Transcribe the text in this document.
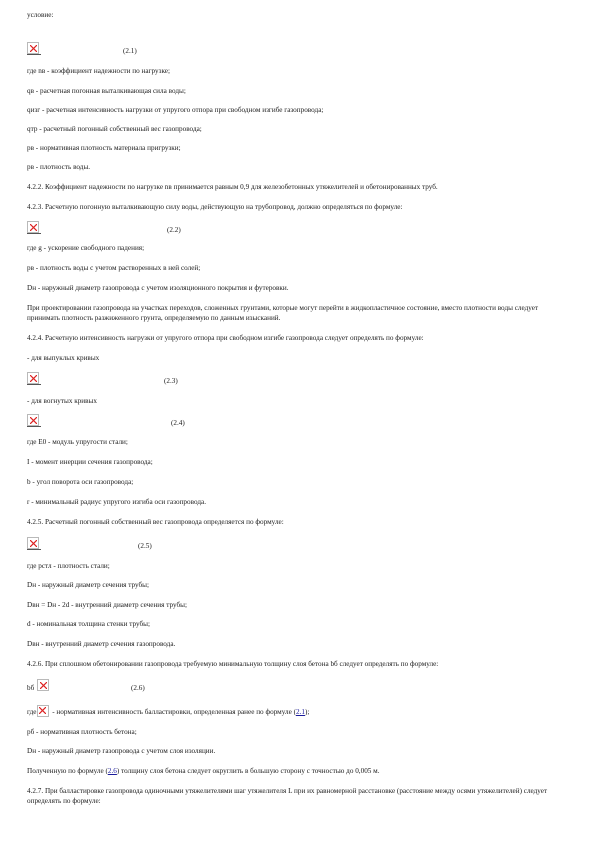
условие:
(2.1)
где nв - коэффициент надежности по нагрузке;
qв - расчетная погонная выталкивающая сила воды;
qизг - расчетная интенсивность нагрузки от упругого отпора при свободном изгибе газопровода;
qтр - расчетный погонный собственный вес газопровода;
pв - нормативная плотность материала пригрузки;
pв - плотность воды.
4.2.2. Коэффициент надежности по нагрузке nв принимается равным 0,9 для железобетонных утяжелителей и обетонированных труб.
4.2.3. Расчетную погонную выталкивающую силу воды, действующую на трубопровод, должно определяться по формуле:
(2.2)
где g - ускорение свободного падения;
pв - плотность воды с учетом растворенных в ней солей;
Dн - наружный диаметр газопровода с учетом изоляционного покрытия и футеровки.
При проектировании газопровода на участках переходов, сложенных грунтами, которые могут перейти в жидкопластичное состояние, вместо плотности воды следует принимать плотность разжиженного грунта, определяемую по данным изысканий.
4.2.4. Расчетную интенсивность нагрузки от упругого отпора при свободном изгибе газопровода следует определять по формуле:
- для выпуклых кривых
(2.3)
- для вогнутых кривых
(2.4)
где E0 - модуль упругости стали;
I - момент инерции сечения газопровода;
b - угол поворота оси газопровода;
r - минимальный радиус упругого изгиба оси газопровода.
4.2.5. Расчетный погонный собственный вес газопровода определяется по формуле:
(2.5)
где pстл - плотность стали;
Dн - наружный диаметр сечения трубы;
Dвн = Dн - 2d - внутренний диаметр сечения трубы;
d - номинальная толщина стенки трубы;
Dвн - внутренний диаметр сечения газопровода.
4.2.6. При сплошном обетонировании газопровода требуемую минимальную толщину слоя бетона bб следует определять по формуле:
bб	(2.6)
где
- нормативная интенсивность балластировки, определенная ранее по формуле (2.1);
pб - нормативная плотность бетона;
Dн - наружный диаметр газопровода с учетом слоя изоляции.
Полученную по формуле (2.6) толщину слоя бетона следует округлить в большую сторону с точностью до 0,005 м.
4.2.7. При балластировке газопровода одиночными утяжелителями шаг утяжелителя L при их равномерной расстановке (расстояние между осями утяжелителей) следует определять по формуле:
